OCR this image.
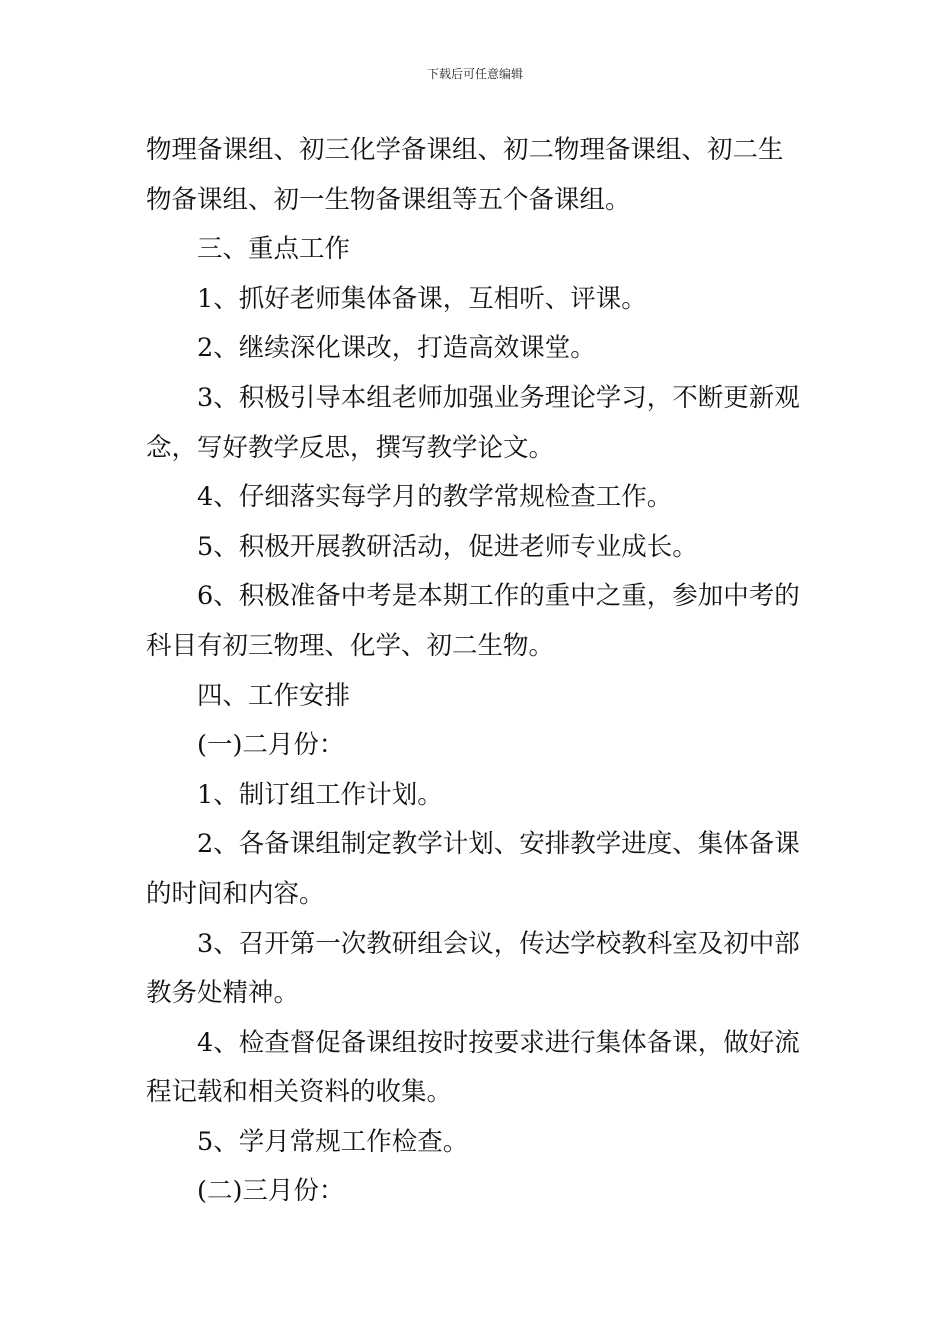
下载后可任意编辑
物理备课组、初三化学备课组、初二物理备课组、初二生
物备课组、初一生物备课组等五个备课组。
三、重点工作
1、抓好老师集体备课，互相听、评课。
2、继续深化课改，打造高效课堂。
3、积极引导本组老师加强业务理论学习，不断更新观
念，写好教学反思，撰写教学论文。
4、仔细落实每学月的教学常规检查工作。
5、积极开展教研活动，促进老师专业成长。
6、积极准备中考是本期工作的重中之重，参加中考的
科目有初三物理、化学、初二生物。
四、工作安排
(一)二月份：
1、制订组工作计划。
2、各备课组制定教学计划、安排教学进度、集体备课
的时间和内容。
3、召开第一次教研组会议，传达学校教科室及初中部
教务处精神。
4、检查督促备课组按时按要求进行集体备课，做好流
程记载和相关资料的收集。
5、学月常规工作检查。
(二)三月份：
